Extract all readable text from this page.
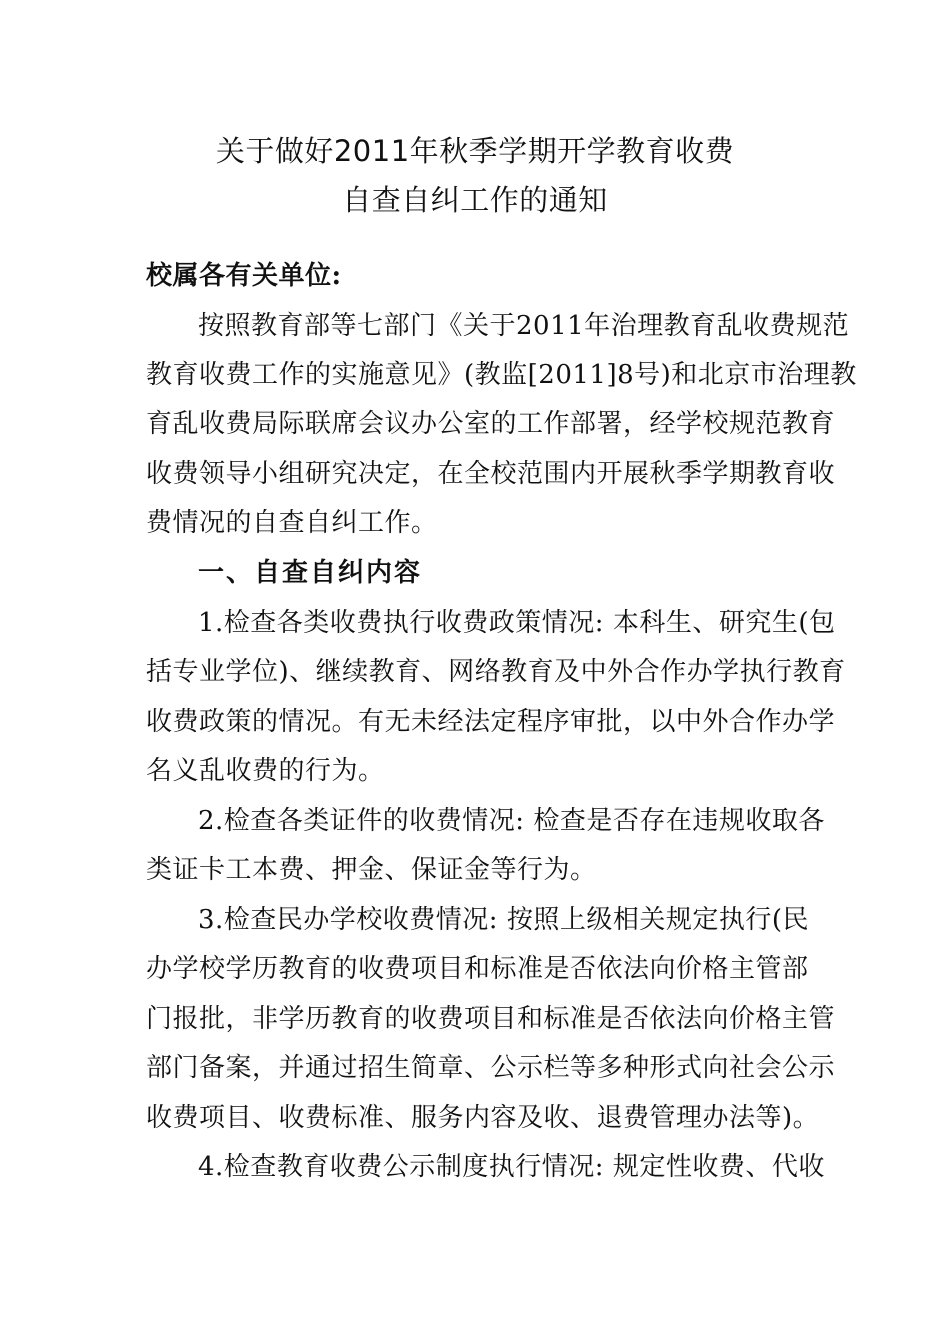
关于做好2011年秋季学期开学教育收费
自查自纠工作的通知
校属各有关单位:
按照教育部等七部门《关于2011年治理教育乱收费规范
教育收费工作的实施意见》(教监[2011]8号)和北京市治理教
育乱收费局际联席会议办公室的工作部署，经学校规范教育
收费领导小组研究决定，在全校范围内开展秋季学期教育收
费情况的自查自纠工作。
一、自查自纠内容
1.检查各类收费执行收费政策情况: 本科生、研究生(包
括专业学位)、继续教育、网络教育及中外合作办学执行教育
收费政策的情况。有无未经法定程序审批，以中外合作办学
名义乱收费的行为。
2.检查各类证件的收费情况: 检查是否存在违规收取各
类证卡工本费、押金、保证金等行为。
3.检查民办学校收费情况: 按照上级相关规定执行(民
办学校学历教育的收费项目和标准是否依法向价格主管部
门报批，非学历教育的收费项目和标准是否依法向价格主管
部门备案，并通过招生简章、公示栏等多种形式向社会公示
收费项目、收费标准、服务内容及收、退费管理办法等)。
4.检查教育收费公示制度执行情况: 规定性收费、代收
